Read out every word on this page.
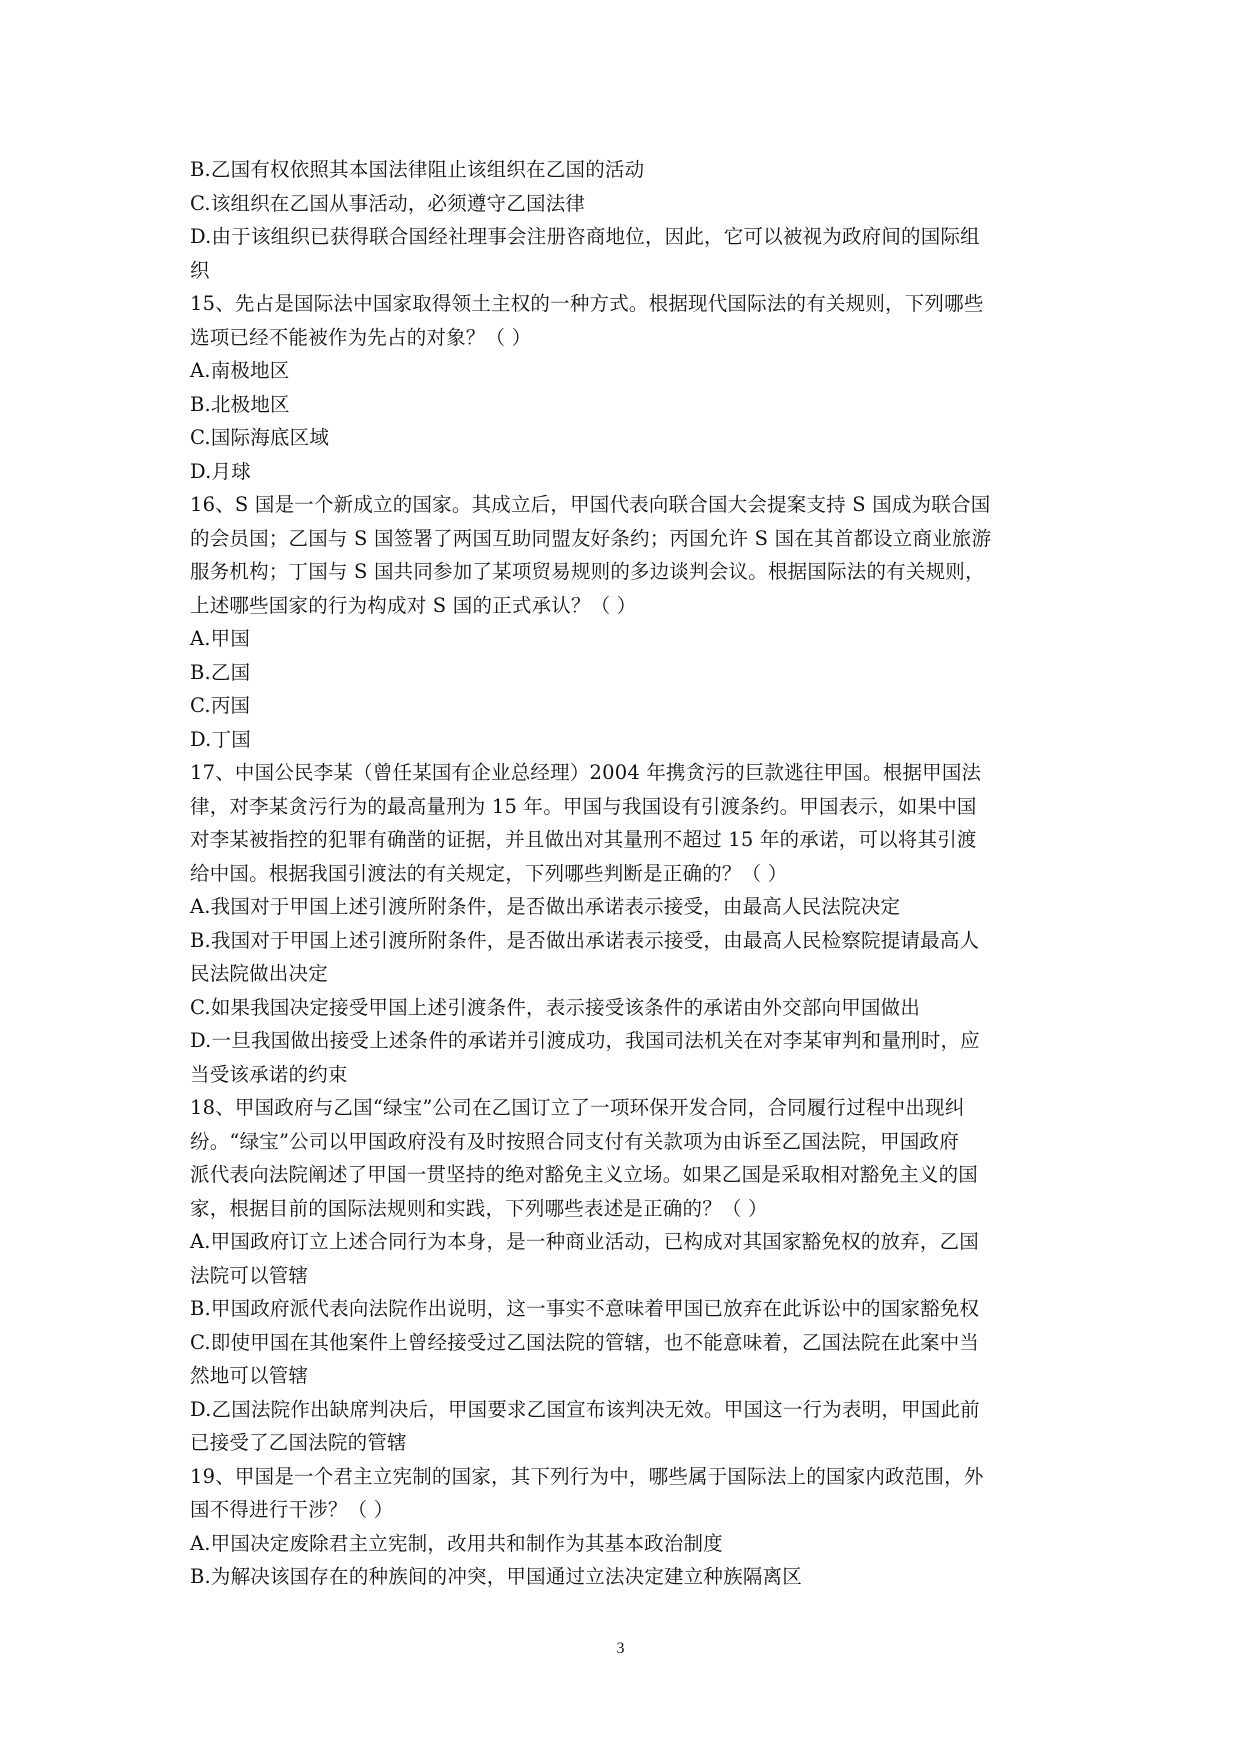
B.乙国有权依照其本国法律阻止该组织在乙国的活动
C.该组织在乙国从事活动，必须遵守乙国法律
D.由于该组织已获得联合国经社理事会注册咨商地位，因此，它可以被视为政府间的国际组
织
15、先占是国际法中国家取得领土主权的一种方式。根据现代国际法的有关规则，下列哪些
选项已经不能被作为先占的对象？（ ）
A.南极地区
B.北极地区
C.国际海底区域
D.月球
16、S 国是一个新成立的国家。其成立后，甲国代表向联合国大会提案支持 S 国成为联合国
的会员国；乙国与 S 国签署了两国互助同盟友好条约；丙国允许 S 国在其首都设立商业旅游
服务机构；丁国与 S 国共同参加了某项贸易规则的多边谈判会议。根据国际法的有关规则，
上述哪些国家的行为构成对 S 国的正式承认？（ ）
A.甲国
B.乙国
C.丙国
D.丁国
17、中国公民李某（曾任某国有企业总经理）2004 年携贪污的巨款逃往甲国。根据甲国法
律，对李某贪污行为的最高量刑为 15 年。甲国与我国设有引渡条约。甲国表示，如果中国
对李某被指控的犯罪有确凿的证据，并且做出对其量刑不超过 15 年的承诺，可以将其引渡
给中国。根据我国引渡法的有关规定，下列哪些判断是正确的？（ ）
A.我国对于甲国上述引渡所附条件，是否做出承诺表示接受，由最高人民法院决定
B.我国对于甲国上述引渡所附条件，是否做出承诺表示接受，由最高人民检察院提请最高人
民法院做出决定
C.如果我国决定接受甲国上述引渡条件，表示接受该条件的承诺由外交部向甲国做出
D.一旦我国做出接受上述条件的承诺并引渡成功，我国司法机关在对李某审判和量刑时，应
当受该承诺的约束
18、甲国政府与乙国“绿宝”公司在乙国订立了一项环保开发合同，合同履行过程中出现纠
纷。“绿宝”公司以甲国政府没有及时按照合同支付有关款项为由诉至乙国法院，甲国政府
派代表向法院阐述了甲国一贯坚持的绝对豁免主义立场。如果乙国是采取相对豁免主义的国
家，根据目前的国际法规则和实践，下列哪些表述是正确的？（ ）
A.甲国政府订立上述合同行为本身，是一种商业活动，已构成对其国家豁免权的放弃，乙国
法院可以管辖
B.甲国政府派代表向法院作出说明，这一事实不意味着甲国已放弃在此诉讼中的国家豁免权
C.即使甲国在其他案件上曾经接受过乙国法院的管辖，也不能意味着，乙国法院在此案中当
然地可以管辖
D.乙国法院作出缺席判决后，甲国要求乙国宣布该判决无效。甲国这一行为表明，甲国此前
已接受了乙国法院的管辖
19、甲国是一个君主立宪制的国家，其下列行为中，哪些属于国际法上的国家内政范围，外
国不得进行干涉？（ ）
A.甲国决定废除君主立宪制，改用共和制作为其基本政治制度
B.为解决该国存在的种族间的冲突，甲国通过立法决定建立种族隔离区
3
